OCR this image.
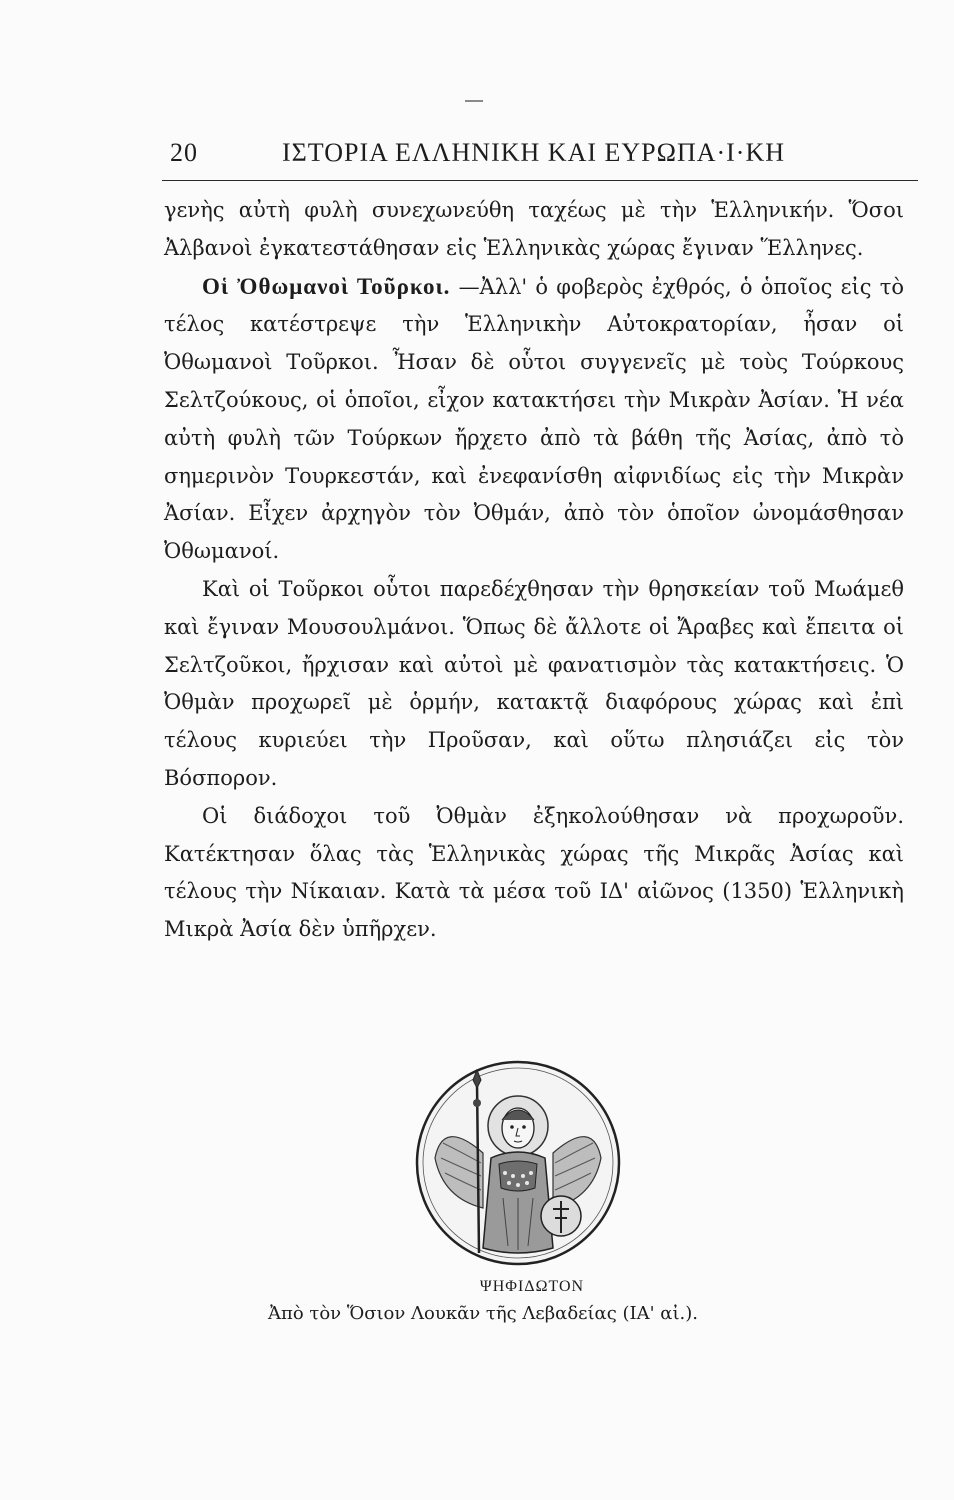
20	ΙΣΤΟΡΙΑ ΕΛΛΗΝΙΚΗ ΚΑΙ ΕΥΡΩΠΑ·Ι·ΚΗ

γενὴς αὐτὴ φυλὴ συνεχωνεύθη ταχέως μὲ τὴν Ἑλληνικήν. Ὅσοι Ἀλβανοὶ ἐγκατεστάθησαν εἰς Ἑλληνικὰς χώρας ἔγιναν Ἕλληνες.

Οἱ Ὀθωμανοὶ Τοῦρκοι. —Ἀλλ' ὁ φοβερὸς ἐχθρός, ὁ ὁποῖος εἰς τὸ τέλος κατέστρεψε τὴν Ἑλληνικὴν Αὐτοκρατορίαν, ἦσαν οἱ Ὀθωμανοὶ Τοῦρκοι. Ἦσαν δὲ οὗτοι συγγενεῖς μὲ τοὺς Τούρκους Σελτζούκους, οἱ ὁποῖοι, εἶχον κατακτήσει τὴν Μικρὰν Ἀσίαν. Ἡ νέα αὐτὴ φυλὴ τῶν Τούρκων ἤρχετο ἀπὸ τὰ βάθη τῆς Ἀσίας, ἀπὸ τὸ σημερινὸν Τουρκεστάν, καὶ ἐνεφανίσθη αἰφνιδίως εἰς τὴν Μικρὰν Ἀσίαν. Εἶχεν ἀρχηγὸν τὸν Ὀθμάν, ἀπὸ τὸν ὁποῖον ὠνομάσθησαν Ὀθωμανοί.

Καὶ οἱ Τοῦρκοι οὗτοι παρεδέχθησαν τὴν θρησκείαν τοῦ Μωάμεθ καὶ ἔγιναν Μουσουλμάνοι. Ὅπως δὲ ἄλλοτε οἱ Ἄραβες καὶ ἔπειτα οἱ Σελτζοῦκοι, ἤρχισαν καὶ αὐτοὶ μὲ φανατισμὸν τὰς κατακτήσεις. Ὁ Ὀθμὰν προχωρεῖ μὲ ὁρμήν, κατακτᾷ διαφόρους χώρας καὶ ἐπὶ τέλους κυριεύει τὴν Προῦσαν, καὶ οὕτω πλησιάζει εἰς τὸν Βόσπορον.

Οἱ διάδοχοι τοῦ Ὀθμὰν ἐξηκολούθησαν νὰ προχωροῦν. Κατέκτησαν ὅλας τὰς Ἑλληνικὰς χώρας τῆς Μικρᾶς Ἀσίας καὶ τέλους τὴν Νίκαιαν. Κατὰ τὰ μέσα τοῦ ΙΔ' αἰῶνος (1350) Ἑλληνικὴ Μικρὰ Ἀσία δὲν ὑπῆρχεν.

ΨΗΦΙΔΩΤΟΝ
Ἀπὸ τὸν Ὅσιον Λουκᾶν τῆς Λεβαδείας (ΙΑ' αἰ.).
